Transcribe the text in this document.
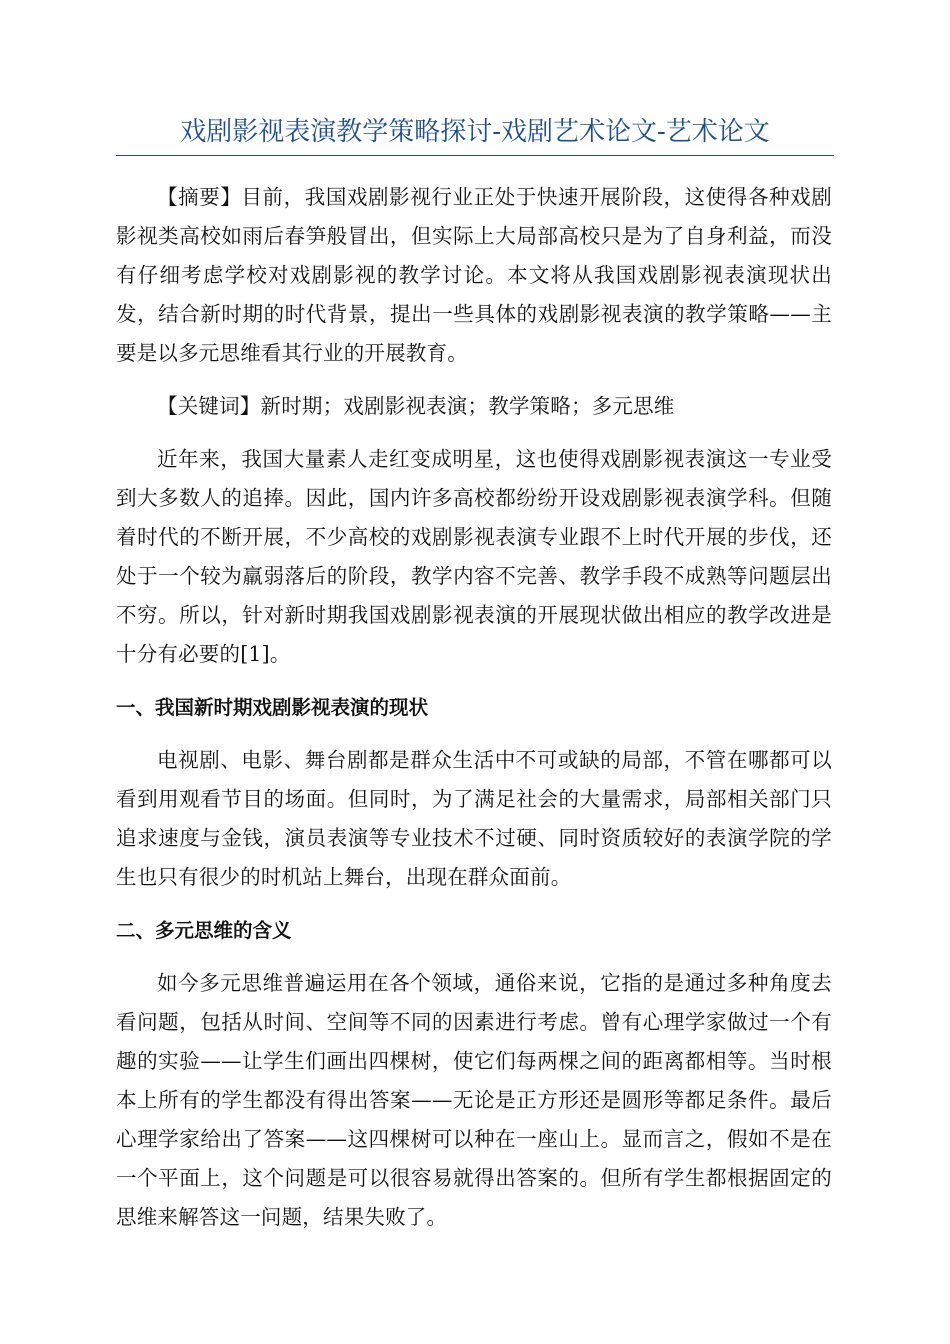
戏剧影视表演教学策略探讨-戏剧艺术论文-艺术论文

【摘要】目前，我国戏剧影视行业正处于快速开展阶段，这使得各种戏剧影视类高校如雨后春笋般冒出，但实际上大局部高校只是为了自身利益，而没有仔细考虑学校对戏剧影视的教学讨论。本文将从我国戏剧影视表演现状出发，结合新时期的时代背景，提出一些具体的戏剧影视表演的教学策略——主要是以多元思维看其行业的开展教育。

【关键词】新时期；戏剧影视表演；教学策略；多元思维

近年来，我国大量素人走红变成明星，这也使得戏剧影视表演这一专业受到大多数人的追捧。因此，国内许多高校都纷纷开设戏剧影视表演学科。但随着时代的不断开展，不少高校的戏剧影视表演专业跟不上时代开展的步伐，还处于一个较为羸弱落后的阶段，教学内容不完善、教学手段不成熟等问题层出不穷。所以，针对新时期我国戏剧影视表演的开展现状做出相应的教学改进是十分有必要的[1]。

一、我国新时期戏剧影视表演的现状

电视剧、电影、舞台剧都是群众生活中不可或缺的局部，不管在哪都可以看到用观看节目的场面。但同时，为了满足社会的大量需求，局部相关部门只追求速度与金钱，演员表演等专业技术不过硬、同时资质较好的表演学院的学生也只有很少的时机站上舞台，出现在群众面前。

二、多元思维的含义

如今多元思维普遍运用在各个领域，通俗来说，它指的是通过多种角度去看问题，包括从时间、空间等不同的因素进行考虑。曾有心理学家做过一个有趣的实验——让学生们画出四棵树，使它们每两棵之间的距离都相等。当时根本上所有的学生都没有得出答案——无论是正方形还是圆形等都足条件。最后心理学家给出了答案——这四棵树可以种在一座山上。显而言之，假如不是在一个平面上，这个问题是可以很容易就得出答案的。但所有学生都根据固定的思维来解答这一问题，结果失败了。
